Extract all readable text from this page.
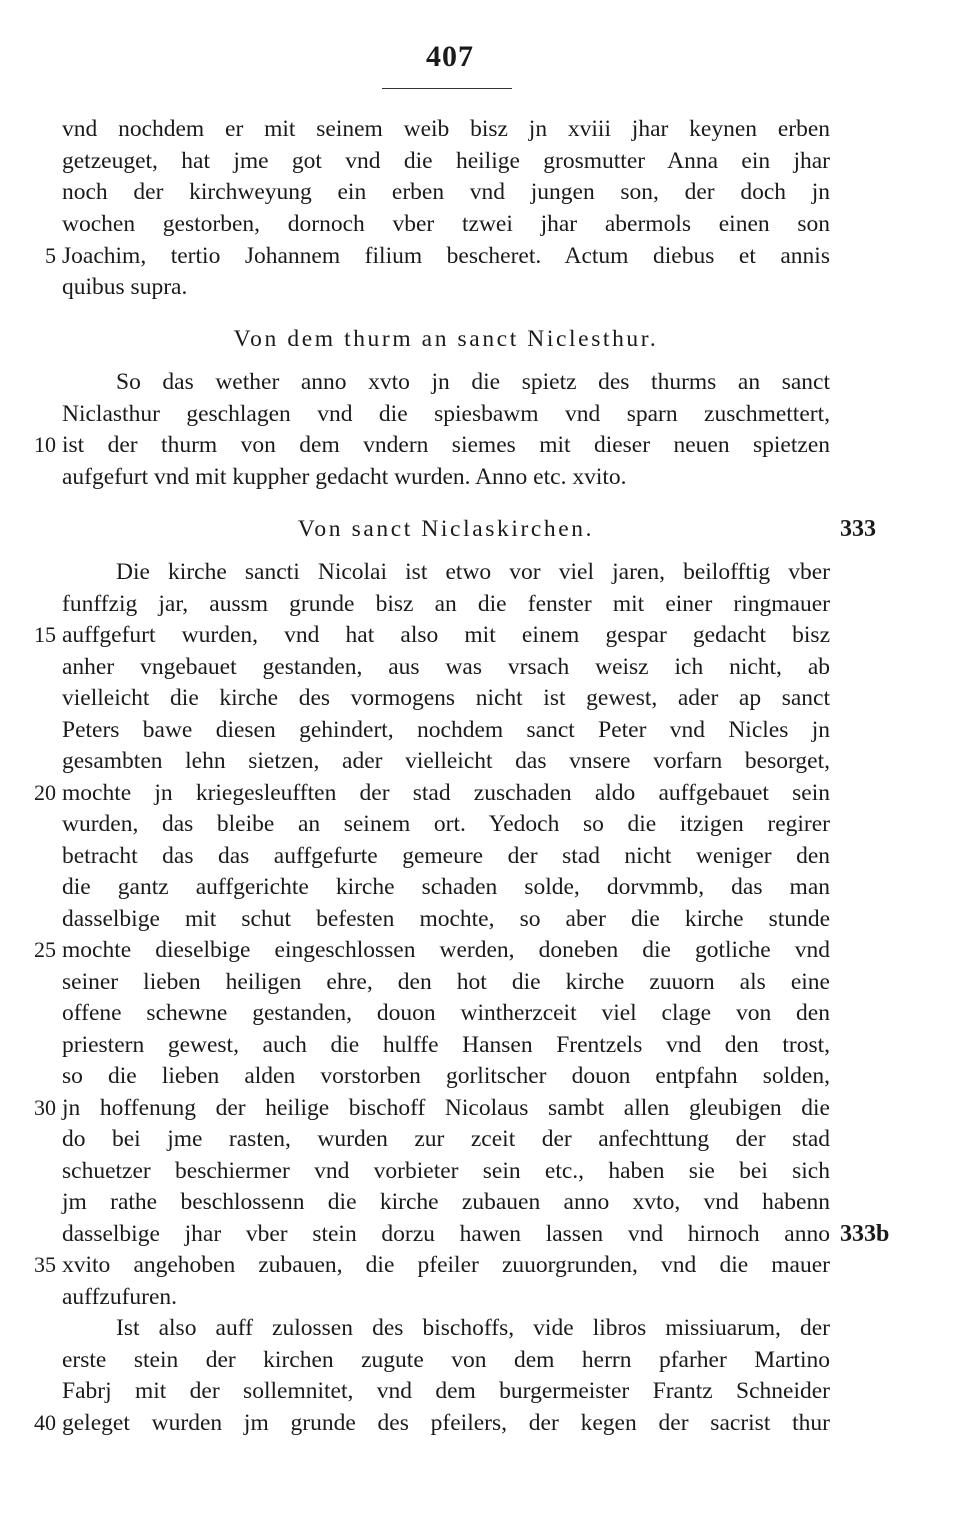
407
vnd nochdem er mit seinem weib bisz jn xviii jhar keynen erben
getzeuget, hat jme got vnd die heilige grosmutter Anna ein jhar
noch der kirchweyung ein erben vnd jungen son, der doch jn
wochen gestorben, dornoch vber tzwei jhar abermols einen son
5 Joachim, tertio Johannem filium bescheret. Actum diebus et annis
quibus supra.
Von dem thurm an sanct Niclesthur.
So das wether anno xvto jn die spietz des thurms an sanct
Niclasthur geschlagen vnd die spiesbawm vnd sparn zuschmettert,
10 ist der thurm von dem vndern siemes mit dieser neuen spietzen
aufgefurt vnd mit kuppher gedacht wurden. Anno etc. xvito.
Von sanct Niclaskirchen.	333
Die kirche sancti Nicolai ist etwo vor viel jaren, beilofftig vber
funffzig jar, aussm grunde bisz an die fenster mit einer ringmauer
15 auffgefurt wurden, vnd hat also mit einem gespar gedacht bisz
anher vngebauet gestanden, aus was vrsach weisz ich nicht, ab
vielleicht die kirche des vormogens nicht ist gewest, ader ap sanct
Peters bawe diesen gehindert, nochdem sanct Peter vnd Nicles jn
gesambten lehn sietzen, ader vielleicht das vnsere vorfarn besorget,
20 mochte jn kriegesleufften der stad zuschaden aldo auffgebauet sein
wurden, das bleibe an seinem ort. Yedoch so die itzigen regirer
betracht das das auffgefurte gemeure der stad nicht weniger den
die gantz auffgerichte kirche schaden solde, dorvmmb, das man
dasselbige mit schut befesten mochte, so aber die kirche stunde
25 mochte dieselbige eingeschlossen werden, doneben die gotliche vnd
seiner lieben heiligen ehre, den hot die kirche zuuorn als eine
offene schewne gestanden, douon wintherzceit viel clage von den
priestern gewest, auch die hulffe Hansen Frentzels vnd den trost,
so die lieben alden vorstorben gorlitscher douon entpfahn solden,
30 jn hoffenung der heilige bischoff Nicolaus sambt allen gleubigen die
do bei jme rasten, wurden zur zceit der anfechttung der stad
schuetzer beschiermer vnd vorbieter sein etc., haben sie bei sich
jm rathe beschlossenn die kirche zubauen anno xvto, vnd habenn
dasselbige jhar vber stein dorzu hawen lassen vnd hirnoch anno 333b
35 xvito angehoben zubauen, die pfeiler zuuorgrunden, vnd die mauer
auffzufuren.
Ist also auff zulossen des bischoffs, vide libros missiuarum, der
erste stein der kirchen zugute von dem herrn pfarher Martino
Fabrj mit der sollemnitet, vnd dem burgermeister Frantz Schneider
40 geleget wurden jm grunde des pfeilers, der kegen der sacrist thur
